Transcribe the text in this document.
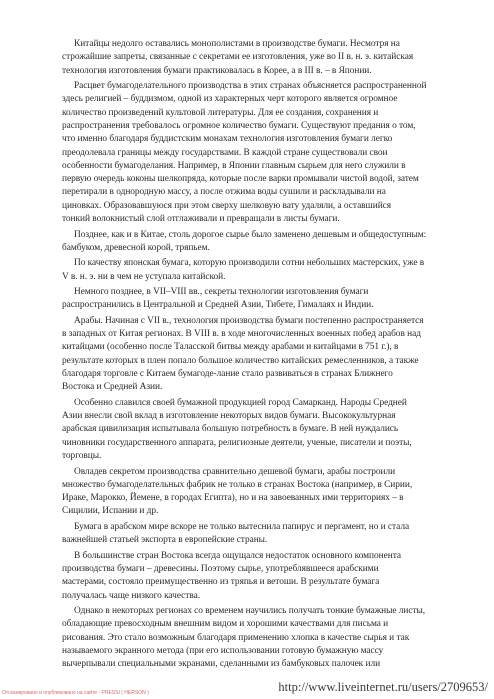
Китайцы недолго оставались монополистами в производстве бумаги. Несмотря на
строжайшие запреты, связанные с секретами ее изготовления, уже во II в. н. э. китайская
технология изготовления бумаги практиковалась в Корее, а в III в. – в Японии.

Расцвет бумагоделательного производства в этих странах объясняется распространенной
здесь религией – буддизмом, одной из характерных черт которого является огромное
количество произведений культовой литературы. Для ее создания, сохранения и
распространения требовалось огромное количество бумаги. Существуют предания о том,
что именно благодаря буддистским монахам технология изготовления бумаги легко
преодолевала границы между государствами. В каждой стране существовали свои
особенности бумагоделания. Например, в Японии главным сырьем для него служили в
первую очередь коконы шелкопряда, которые после варки промывали чистой водой, затем
перетирали в однородную массу, а после отжима воды сушили и раскладывали на
циновках. Образовавшуюся при этом сверху шелковую вату удаляли, а оставшийся
тонкий волокнистый слой отглаживали и превращали в листы бумаги.

Позднее, как и в Китае, столь дорогое сырье было заменено дешевым и общедоступным:
бамбуком, древесной корой, тряпьем.

По качеству японская бумага, которую производили сотни небольших мастерских, уже в
V в. н. э. ни в чем не уступала китайской.

Немного позднее, в VII–VIII вв., секреты технологии изготовления бумаги
распространились в Центральной и Средней Азии, Тибете, Гималаях и Индии.

Арабы. Начиная с VII в., технология производства бумаги постепенно распространяется
в западных от Китая регионах. В VIII в. в ходе многочисленных военных побед арабов над
китайцами (особенно после Таласской битвы между арабами и китайцами в 751 г.), в
результате которых в плен попало большое количество китайских ремесленников, а также
благодаря торговле с Китаем бумагоде-лание стало развиваться в странах Ближнего
Востока и Средней Азии.

Особенно славился своей бумажной продукцией город Самарканд. Народы Средней
Азии внесли свой вклад в изготовление некоторых видов бумаги. Высококультурная
арабская цивилизация испытывала большую потребность в бумаге. В ней нуждались
чиновники государственного аппарата, религиозные деятели, ученые, писатели и поэты,
торговцы.

Овладев секретом производства сравнительно дешевой бумаги, арабы построили
множество бумагоделательных фабрик не только в странах Востока (например, в Сирии,
Ираке, Марокко, Йемене, в городах Египта), но и на завоеванных ими территориях – в
Сицилии, Испании и др.

Бумага в арабском мире вскоре не только вытеснила папирус и пергамент, но и стала
важнейшей статьей экспорта в европейские страны.

В большинстве стран Востока всегда ощущался недостаток основного компонента
производства бумаги – древесины. Поэтому сырье, употреблявшееся арабскими
мастерами, состояло преимущественно из тряпья и ветоши. В результате бумага
получалась чаще низкого качества.

Однако в некоторых регионах со временем научились получать тонкие бумажные листы,
обладающие превосходным внешним видом и хорошими качествами для письма и
рисования. Это стало возможным благодаря применению хлопка в качестве сырья и так
называемого экранного метода (при его использовании готовую бумажную массу
вычерпывали специальными экранами, сделанными из бамбуковых палочек или

Отсканировано и опубликовано на сайте - PRESSI ( HERSON )	http://www.liveinternet.ru/users/2709653/
